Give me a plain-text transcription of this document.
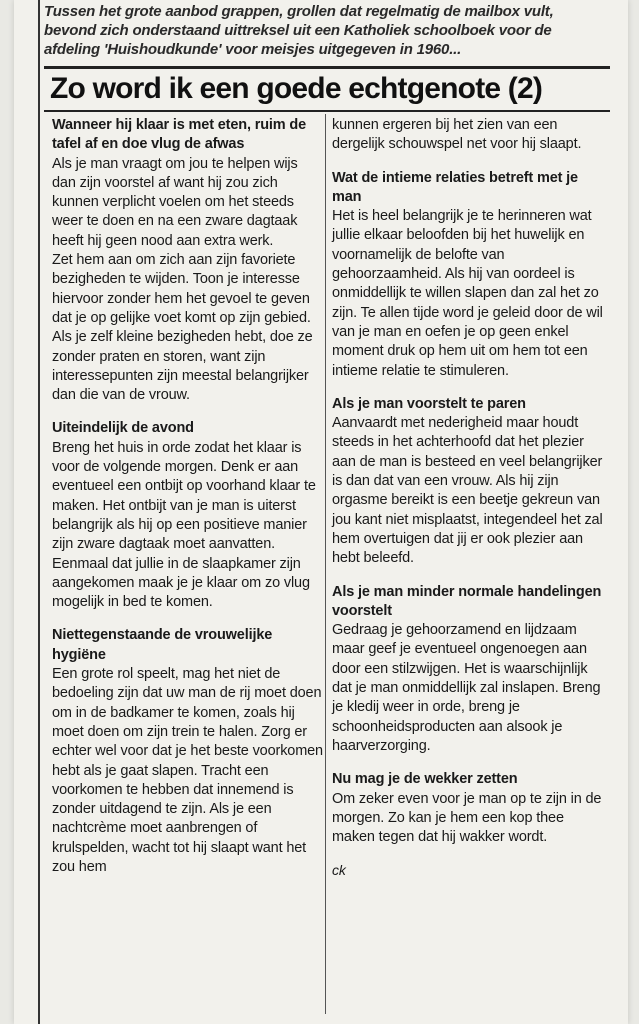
Tussen het grote aanbod grappen, grollen dat regelmatig de mailbox vult, bevond zich onderstaand uittreksel uit een Katholiek schoolboek voor de afdeling 'Huishoudkunde' voor meisjes uitgegeven in 1960...
Zo word ik een goede echtgenote (2)
Wanneer hij klaar is met eten, ruim de tafel af en doe vlug de afwas

Als je man vraagt om jou te helpen wijs dan zijn voorstel af want hij zou zich kunnen verplicht voelen om het steeds weer te doen en na een zware dagtaak heeft hij geen nood aan extra werk.

Zet hem aan om zich aan zijn favoriete bezigheden te wijden. Toon je interesse hiervoor zonder hem het gevoel te geven dat je op gelijke voet komt op zijn gebied. Als je zelf kleine bezigheden hebt, doe ze zonder praten en storen, want zijn interessepunten zijn meestal belangrijker dan die van de vrouw.

Uiteindelijk de avond

Breng het huis in orde zodat het klaar is voor de volgende morgen. Denk er aan eventueel een ontbijt op voorhand klaar te maken. Het ontbijt van je man is uiterst belangrijk als hij op een positieve manier zijn zware dagtaak moet aanvatten.

Eenmaal dat jullie in de slaapkamer zijn aangekomen maak je je klaar om zo vlug mogelijk in bed te komen.

Niettegenstaande de vrouwelijke hygiëne

Een grote rol speelt, mag het niet de bedoeling zijn dat uw man de rij moet doen om in de badkamer te komen, zoals hij moet doen om zijn trein te halen. Zorg er echter wel voor dat je het beste voorkomen hebt als je gaat slapen. Tracht een voorkomen te hebben dat innemend is zonder uitdagend te zijn. Als je een nachtcrème moet aanbrengen of krulspelden, wacht tot hij slaapt want het zou hem

kunnen ergeren bij het zien van een dergelijk schouwspel net voor hij slaapt.

Wat de intieme relaties betreft met je man

Het is heel belangrijk je te herinneren wat jullie elkaar beloofden bij het huwelijk en voornamelijk de belofte van gehoorzaamheid. Als hij van oordeel is onmiddellijk te willen slapen dan zal het zo zijn. Te allen tijde word je geleid door de wil van je man en oefen je op geen enkel moment druk op hem uit om hem tot een intieme relatie te stimuleren.

Als je man voorstelt te paren

Aanvaardt met nederigheid maar houdt steeds in het achterhoofd dat het plezier aan de man is besteed en veel belangrijker is dan dat van een vrouw. Als hij zijn orgasme bereikt is een beetje gekreun van jou kant niet misplaatst, integendeel het zal hem overtuigen dat jij er ook plezier aan hebt beleefd.

Als je man minder normale handelingen voorstelt

Gedraag je gehoorzamend en lijdzaam maar geef je eventueel ongenoegen aan door een stilzwijgen. Het is waarschijnlijk dat je man onmiddellijk zal inslapen. Breng je kledij weer in orde, breng je schoonheidsproducten aan alsook je haarverzorging.

Nu mag je de wekker zetten

Om zeker even voor je man op te zijn in de morgen. Zo kan je hem een kop thee maken tegen dat hij wakker wordt.

ck
